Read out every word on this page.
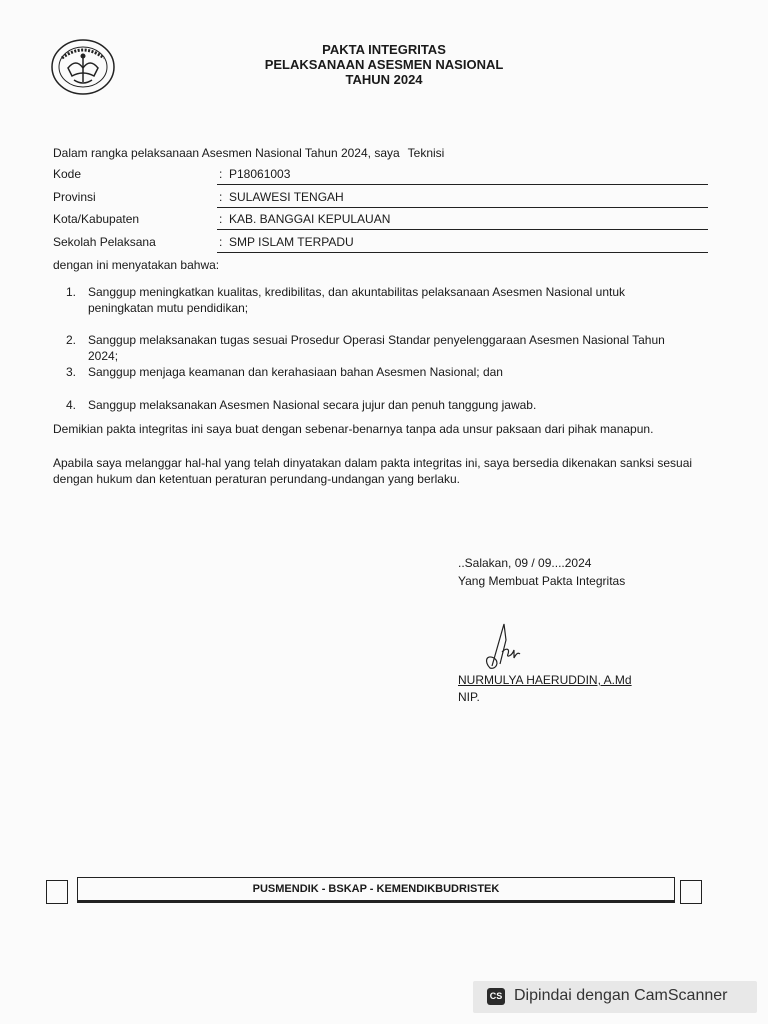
PAKTA INTEGRITAS
PELAKSANAAN ASESMEN NASIONAL
TAHUN 2024
Dalam rangka pelaksanaan Asesmen Nasional Tahun 2024, saya Teknisi
Kode	: P18061003
Provinsi	: SULAWESI TENGAH
Kota/Kabupaten	: KAB. BANGGAI KEPULAUAN
Sekolah Pelaksana	: SMP ISLAM TERPADU
dengan ini menyatakan bahwa:
1. Sanggup meningkatkan kualitas, kredibilitas, dan akuntabilitas pelaksanaan Asesmen Nasional untuk peningkatan mutu pendidikan;
2. Sanggup melaksanakan tugas sesuai Prosedur Operasi Standar penyelenggaraan Asesmen Nasional Tahun 2024;
3. Sanggup menjaga keamanan dan kerahasiaan bahan Asesmen Nasional; dan
4. Sanggup melaksanakan Asesmen Nasional secara jujur dan penuh tanggung jawab.
Demikian pakta integritas ini saya buat dengan sebenar-benarnya tanpa ada unsur paksaan dari pihak manapun.
Apabila saya melanggar hal-hal yang telah dinyatakan dalam pakta integritas ini, saya bersedia dikenakan sanksi sesuai dengan hukum dan ketentuan peraturan perundang-undangan yang berlaku.
..Salakan, 09 / 09....2024
Yang Membuat Pakta Integritas
NURMULYA HAERUDDIN, A.Md
NIP.
PUSMENDIK - BSKAP - KEMENDIKBUDRISTEK
CS Dipindai dengan CamScanner
